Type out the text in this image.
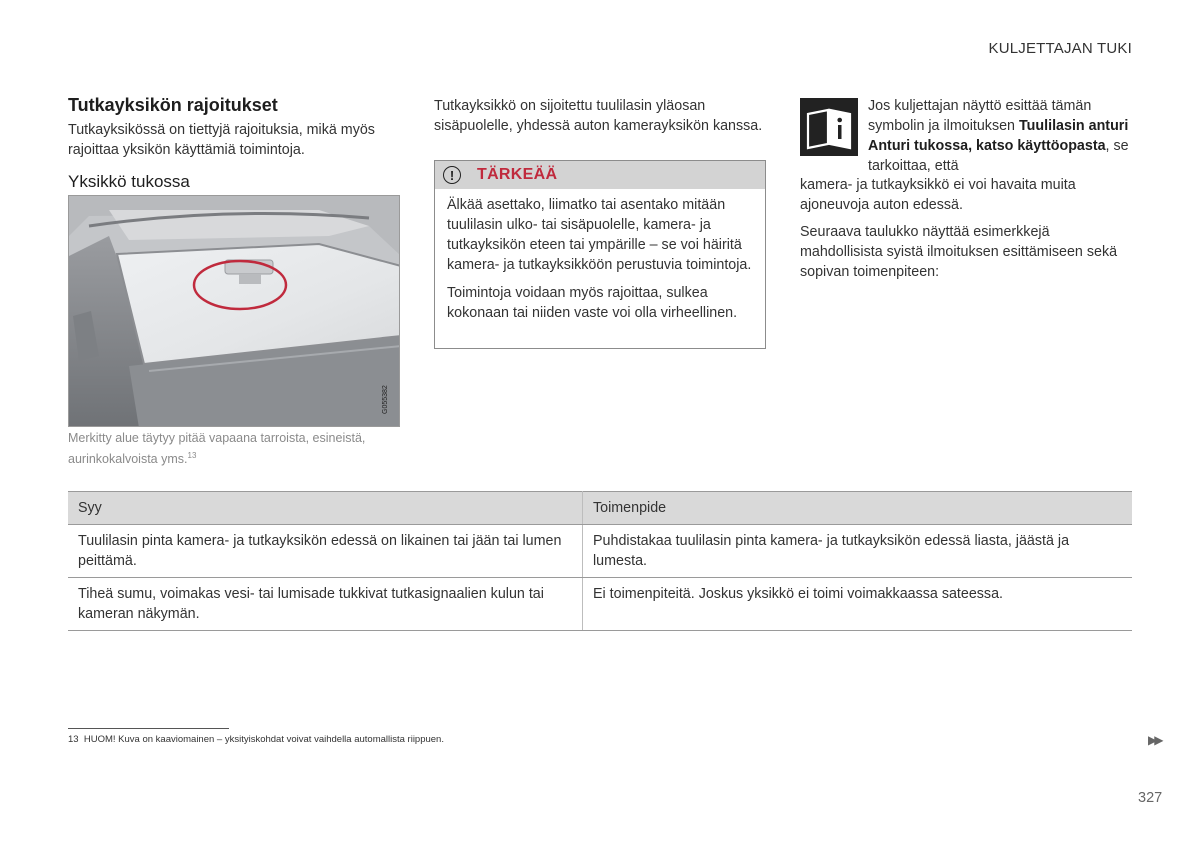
KULJETTAJAN TUKI
Tutkayksikön rajoitukset
Tutkayksikössä on tiettyjä rajoituksia, mikä myös rajoittaa yksikön käyttämiä toimintoja.
Yksikkö tukossa
G055382
Merkitty alue täytyy pitää vapaana tarroista, esineistä, aurinkokalvoista yms.$^{13}$
Tutkayksikkö on sijoitettu tuulilasin yläosan sisäpuolelle, yhdessä auton kamerayksikön kanssa.
!	TÄRKEÄÄ

Älkää asettako, liimatko tai asentako mitään tuulilasin ulko- tai sisäpuolelle, kamera- ja tutkayksikön eteen tai ympärille – se voi häiritä kamera- ja tutkayksikköön perustuvia toimintoja.

Toimintoja voidaan myös rajoittaa, sulkea kokonaan tai niiden vaste voi olla virheellinen.

Jos kuljettajan näyttö esittää tämän symbolin ja ilmoituksen Tuulilasin anturi Anturi tukossa, katso käyttöopasta, se tarkoittaa, että
kamera- ja tutkayksikkö ei voi havaita muita ajoneuvoja auton edessä.
Seuraava taulukko näyttää esimerkkejä mahdollisista syistä ilmoituksen esittämiseen sekä sopivan toimenpiteen:
Syy	Toimenpide
Tuulilasin pinta kamera- ja tutkayksikön edessä on likainen tai jään tai lumen peittämä.	Puhdistakaa tuulilasin pinta kamera- ja tutkayksikön edessä liasta, jäästä ja lumesta.
Tiheä sumu, voimakas vesi- tai lumisade tukkivat tutkasignaalien kulun tai kameran näkymän.	Ei toimenpiteitä. Joskus yksikkö ei toimi voimakkaassa sateessa.
13 HUOM! Kuva on kaaviomainen – yksityiskohdat voivat vaihdella automallista riippuen.	▶▶
327
